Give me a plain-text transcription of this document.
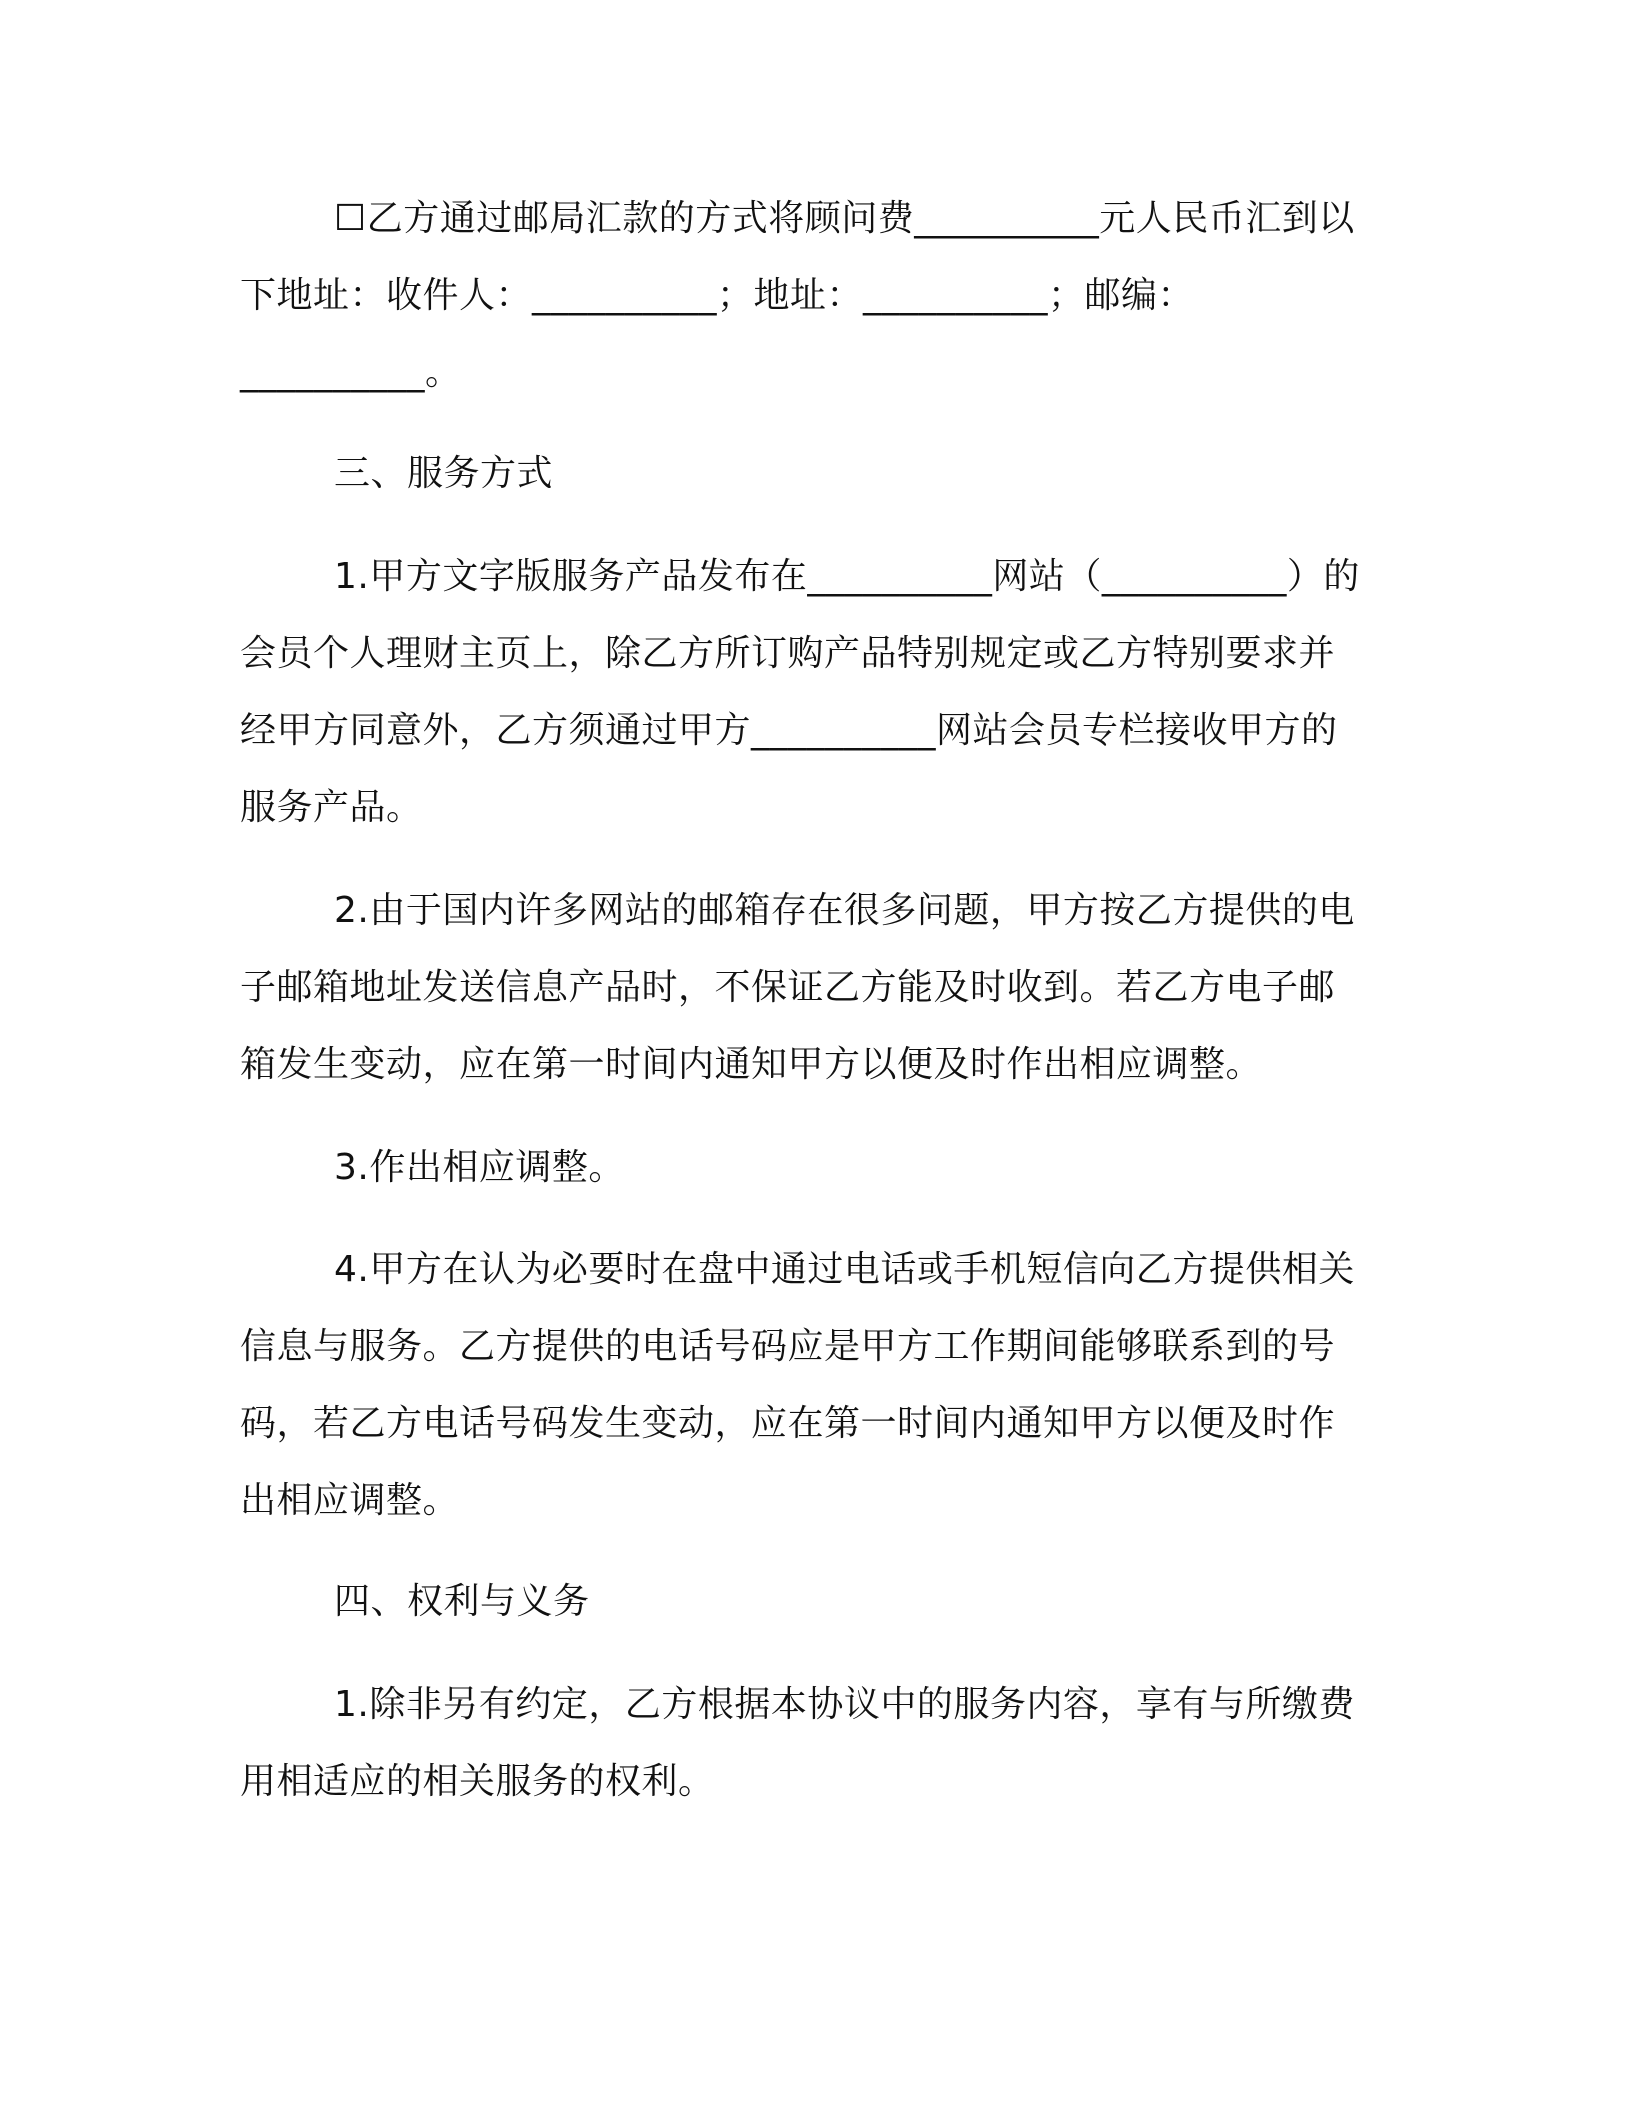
☐乙方通过邮局汇款的方式将顾问费__________元人民币汇到以
下地址：收件人：__________；地址：__________；邮编：
__________。
三、服务方式
1.甲方文字版服务产品发布在__________网站（__________）的
会员个人理财主页上，除乙方所订购产品特别规定或乙方特别要求并
经甲方同意外，乙方须通过甲方__________网站会员专栏接收甲方的
服务产品。
2.由于国内许多网站的邮箱存在很多问题，甲方按乙方提供的电
子邮箱地址发送信息产品时，不保证乙方能及时收到。若乙方电子邮
箱发生变动，应在第一时间内通知甲方以便及时作出相应调整。
3.作出相应调整。
4.甲方在认为必要时在盘中通过电话或手机短信向乙方提供相关
信息与服务。乙方提供的电话号码应是甲方工作期间能够联系到的号
码，若乙方电话号码发生变动，应在第一时间内通知甲方以便及时作
出相应调整。
四、权利与义务
1.除非另有约定，乙方根据本协议中的服务内容，享有与所缴费
用相适应的相关服务的权利。
